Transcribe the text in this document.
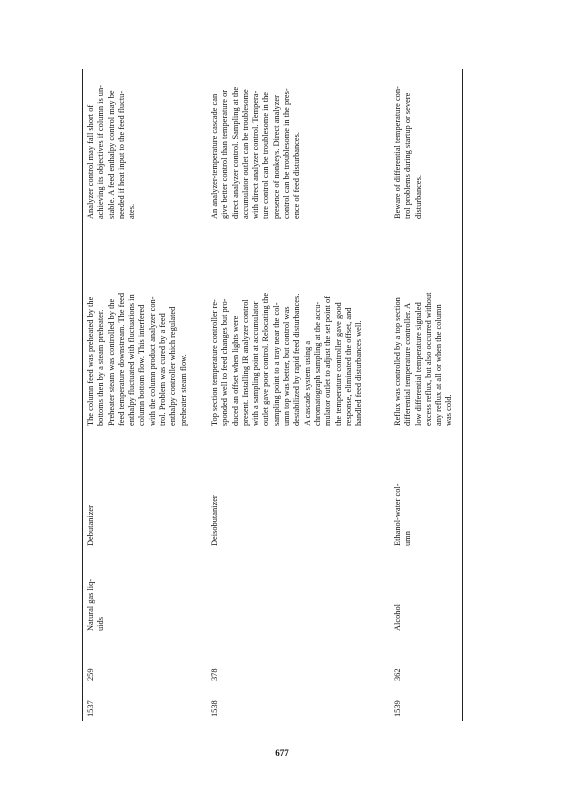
1537
259
Natural gas liq-
uids
Debutanizer
The column feed was preheated by the
bottoms then by a steam preheater.
Preheater steam was controlled by the
feed temperature downstream. The feed
enthalpy fluctuated with fluctuations in
column bottom flow. This interfered
with the column product analyzer con-
trol. Problem was cured by a feed
enthalpy controller which regulated
preheater steam flow.
Analyzer control may fall short of
achieving its objectives if column is un-
stable. A feed enthalpy control may be
needed if heat input to the feed fluctu-
ates.
1538
378
Deisobutanizer
Top section temperature controller re-
sponded well to feed changes but pro-
duced an offset when lights were
present. Installing IR analyzer control
with a sampling point at accumulator
outlet gave poor control. Relocating the
sampling point to a tray near the col-
umn top was better, but control was
destabilized by rapid feed disturbances.
A cascade system using a
chromatograph sampling at the accu-
mulator outlet to adjust the set point of
the temperature controller gave good
response, eliminated the offset, and
handled feed disturbances well.
An analyzer-temperature cascade can
give better control than temperature or
direct analyzer control. Sampling at the
accumulator outlet can be troublesome
with direct analyzer control. Tempera-
ture control can be troublesome in the
presence of nonkeys. Direct analyzer
control can be troublesome in the pres-
ence of feed disturbances.
1539
362
Alcohol
Ethanol-water col-
umn
Reflux was controlled by a top section
differential temperature controller. A
low differential temperature signaled
excess reflux, but also occurred without
any reflux at all or when the column
was cold.
Beware of differential temperature con-
trol problems during startup or severe
disturbances.
677
